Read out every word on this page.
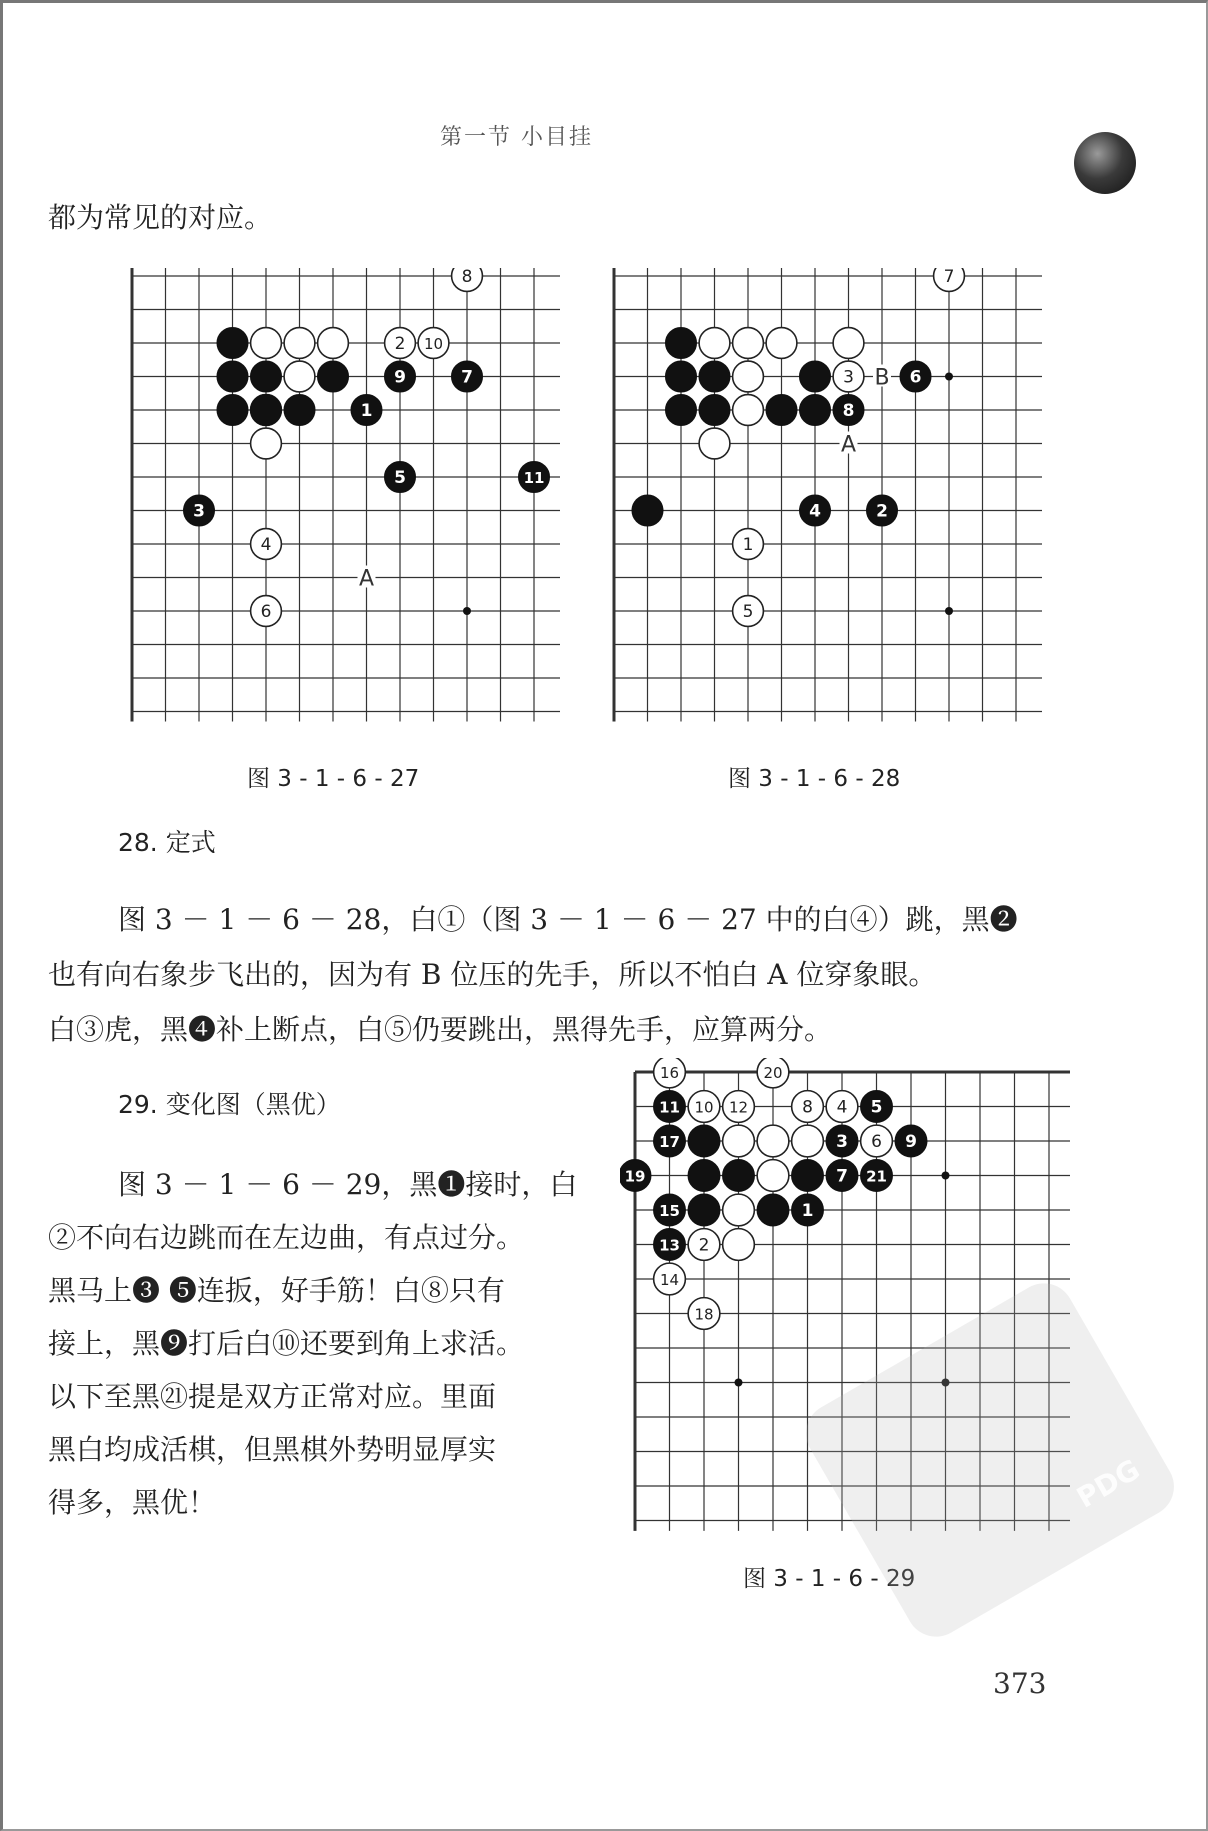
第一节 小目挂
都为常见的对应。
4
6
2
8
10
1
3
5
7
9
11
A
图 3 - 1 - 6 - 27
3
1
5
7
4	2
6
8
B
A
图 3 - 1 - 6 - 28
28. 定式
图 3 － 1 － 6 － 28，白①（图 3 － 1 － 6 － 27 中的白④）跳，黑❷
也有向右象步飞出的，因为有 B 位压的先手，所以不怕白 A 位穿象眼。
白③虎，黑❹补上断点，白⑤仍要跳出，黑得先手，应算两分。
29. 变化图（黑优）
图 3 － 1 － 6 － 29，黑❶接时，白
②不向右边跳而在左边曲，有点过分。
黑马上❸ ❺连扳，好手筋！白⑧只有
接上，黑❾打后白⑩还要到角上求活。
以下至黑㉑提是双方正常对应。里面
黑白均成活棋，但黑棋外势明显厚实
得多，黑优！
16	20
10 12	8 4
6
2
14
18
11	5
17	3	9
19	7 21
15	1
13
图 3 - 1 - 6 - 29
PDG
373
